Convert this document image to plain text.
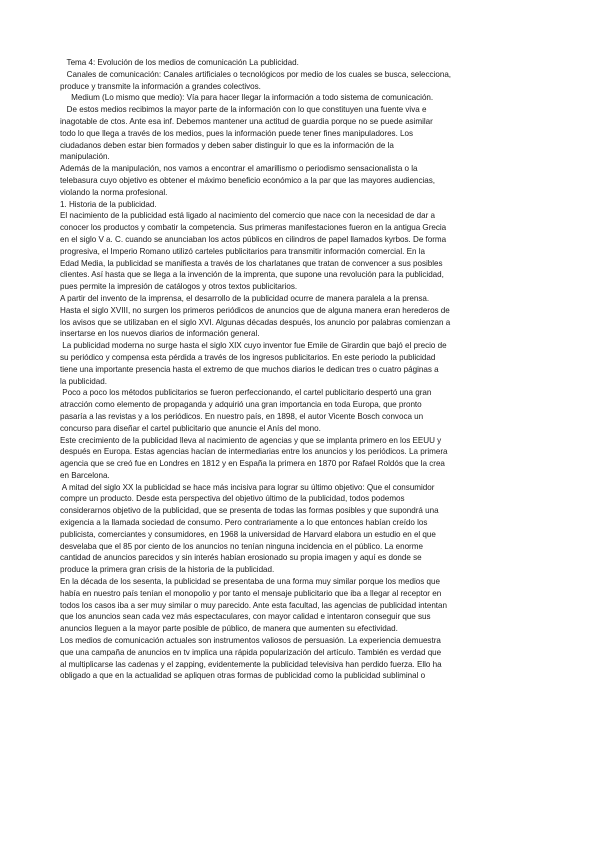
Tema 4: Evolución de los medios de comunicación La publicidad.
Canales de comunicación: Canales artificiales o tecnológicos por medio de los cuales se busca, selecciona,
produce y transmite la información a grandes colectivos.
Medium (Lo mismo que medio): Vía para hacer llegar la información a todo sistema de comunicación.
De estos medios recibimos la mayor parte de la información con lo que constituyen una fuente viva e
inagotable de ctos. Ante esa inf. Debemos mantener una actitud de guardia porque no se puede asimilar
todo lo que llega a través de los medios, pues la información puede tener fines manipuladores. Los
ciudadanos deben estar bien formados y deben saber distinguir lo que es la información de la
manipulación.
Además de la manipulación, nos vamos a encontrar el amarillismo o periodismo sensacionalista o la
telebasura cuyo objetivo es obtener el máximo beneficio económico a la par que las mayores audiencias,
violando la norma profesional.
1. Historia de la publicidad.
El nacimiento de la publicidad está ligado al nacimiento del comercio que nace con la necesidad de dar a
conocer los productos y combatir la competencia. Sus primeras manifestaciones fueron en la antigua Grecia
en el siglo V a. C. cuando se anunciaban los actos públicos en cilindros de papel llamados kyrbos. De forma
progresiva, el Imperio Romano utilizó carteles publicitarios para transmitir información comercial. En la
Edad Media, la publicidad se manifiesta a través de los charlatanes que tratan de convencer a sus posibles
clientes. Así hasta que se llega a la invención de la imprenta, que supone una revolución para la publicidad,
pues permite la impresión de catálogos y otros textos publicitarios.
A partir del invento de la imprensa, el desarrollo de la publicidad ocurre de manera paralela a la prensa.
Hasta el siglo XVIII, no surgen los primeros periódicos de anuncios que de alguna manera eran herederos de
los avisos que se utilizaban en el siglo XVI. Algunas décadas después, los anuncio por palabras comienzan a
insertarse en los nuevos diarios de información general.
La publicidad moderna no surge hasta el siglo XIX cuyo inventor fue Emile de Girardin que bajó el precio de
su periódico y compensa esta pérdida a través de los ingresos publicitarios. En este periodo la publicidad
tiene una importante presencia hasta el extremo de que muchos diarios le dedican tres o cuatro páginas a
la publicidad.
Poco a poco los métodos publicitarios se fueron perfeccionando, el cartel publicitario despertó una gran
atracción como elemento de propaganda y adquirió una gran importancia en toda Europa, que pronto
pasaría a las revistas y a los periódicos. En nuestro país, en 1898, el autor Vicente Bosch convoca un
concurso para diseñar el cartel publicitario que anuncie el Anís del mono.
Este crecimiento de la publicidad lleva al nacimiento de agencias y que se implanta primero en los EEUU y
después en Europa. Estas agencias hacían de intermediarias entre los anuncios y los periódicos. La primera
agencia que se creó fue en Londres en 1812 y en España la primera en 1870 por Rafael Roldós que la crea
en Barcelona.
A mitad del siglo XX la publicidad se hace más incisiva para lograr su último objetivo: Que el consumidor
compre un producto. Desde esta perspectiva del objetivo último de la publicidad, todos podemos
considerarnos objetivo de la publicidad, que se presenta de todas las formas posibles y que supondrá una
exigencia a la llamada sociedad de consumo. Pero contrariamente a lo que entonces habían creído los
publicista, comerciantes y consumidores, en 1968 la universidad de Harvard elabora un estudio en el que
desvelaba que el 85 por ciento de los anuncios no tenían ninguna incidencia en el público. La enorme
cantidad de anuncios parecidos y sin interés habían erosionado su propia imagen y aquí es donde se
produce la primera gran crisis de la historia de la publicidad.
En la década de los sesenta, la publicidad se presentaba de una forma muy similar porque los medios que
había en nuestro país tenían el monopolio y por tanto el mensaje publicitario que iba a llegar al receptor en
todos los casos iba a ser muy similar o muy parecido. Ante esta facultad, las agencias de publicidad intentan
que los anuncios sean cada vez más espectaculares, con mayor calidad e intentaron conseguir que sus
anuncios lleguen a la mayor parte posible de público, de manera que aumenten su efectividad.
Los medios de comunicación actuales son instrumentos valiosos de persuasión. La experiencia demuestra
que una campaña de anuncios en tv implica una rápida popularización del artículo. También es verdad que
al multiplicarse las cadenas y el zapping, evidentemente la publicidad televisiva han perdido fuerza. Ello ha
obligado a que en la actualidad se apliquen otras formas de publicidad como la publicidad subliminal o
